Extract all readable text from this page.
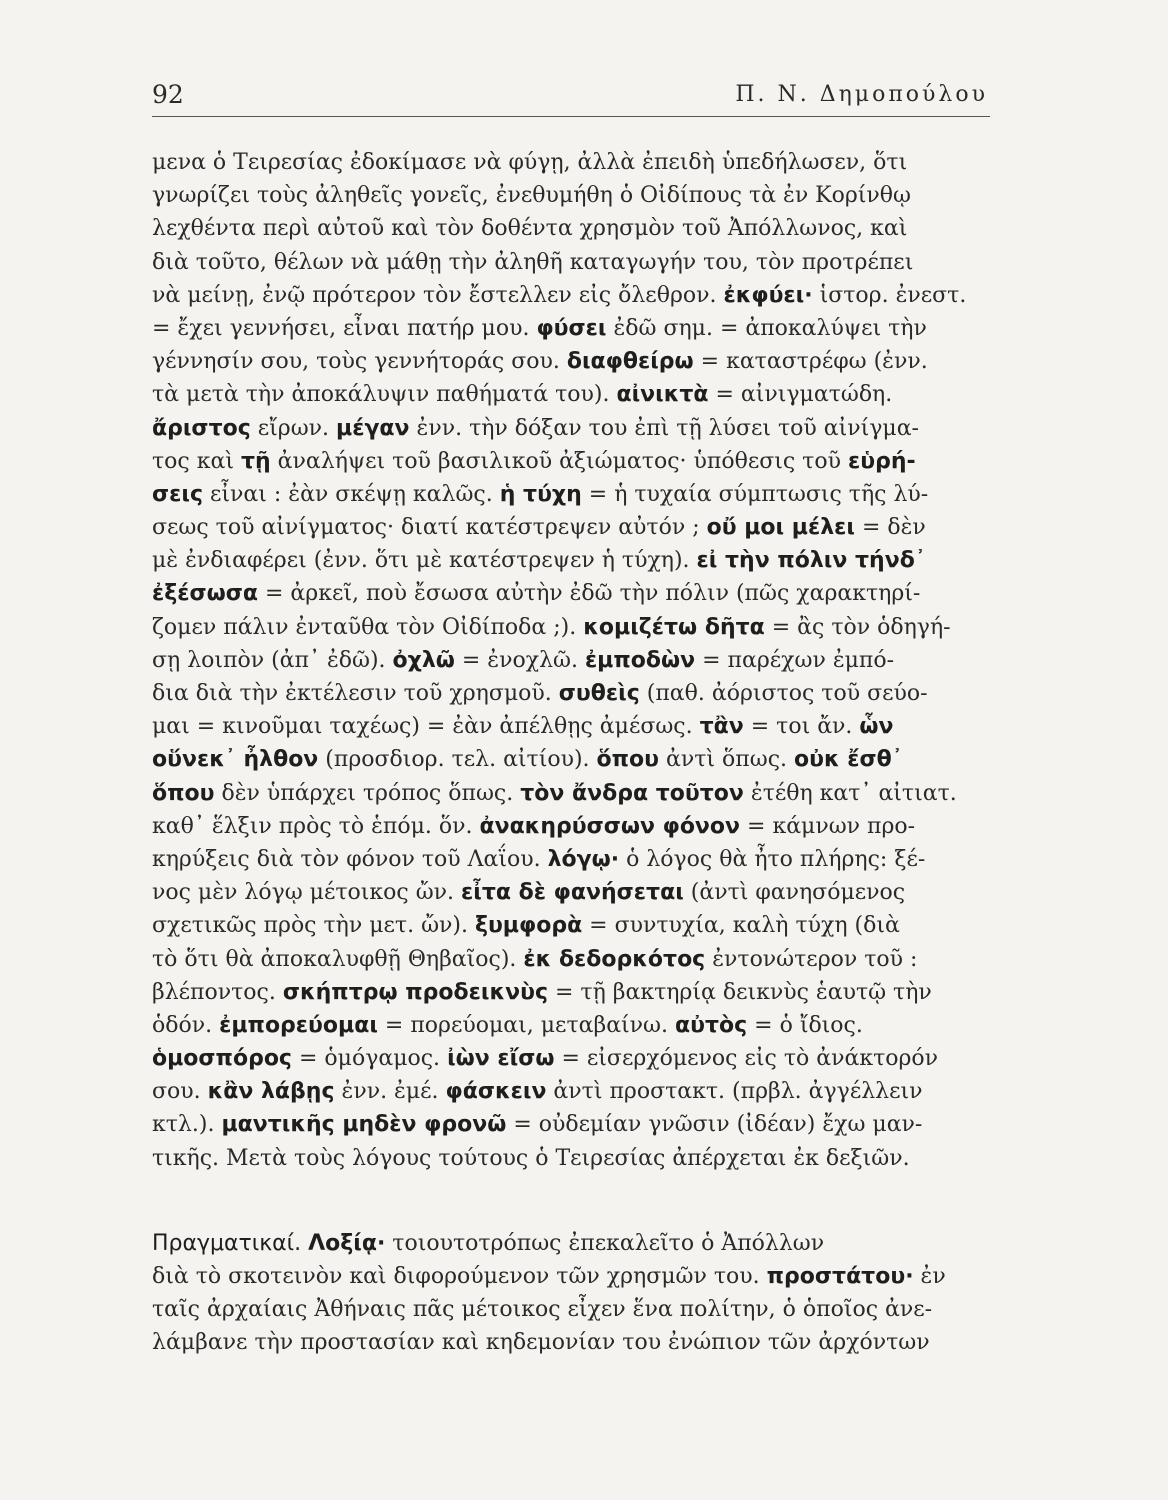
92	Π. Ν. Δημοπούλου
μενα ὁ Τειρεσίας ἐδοκίμασε νὰ φύγῃ, ἀλλὰ ἐπειδὴ ὑπεδήλωσεν, ὅτι
γνωρίζει τοὺς ἀληθεῖς γονεῖς, ἐνεθυμήθη ὁ Οἰδίπους τὰ ἐν Κορίνθῳ
λεχθέντα περὶ αὐτοῦ καὶ τὸν δοθέντα χρησμὸν τοῦ Ἀπόλλωνος, καὶ
διὰ τοῦτο, θέλων νὰ μάθῃ τὴν ἀληθῆ καταγωγήν του, τὸν προτρέπει
νὰ μείνῃ, ἐνῷ πρότερον τὸν ἔστελλεν εἰς ὄλεθρον. ἐκφύει· ἱστορ. ἐνεστ.
= ἔχει γεννήσει, εἶναι πατήρ μου. φύσει ἐδῶ σημ. = ἀποκαλύψει τὴν
γέννησίν σου, τοὺς γεννήτοράς σου. διαφθείρω = καταστρέφω (ἐνν.
τὰ μετὰ τὴν ἀποκάλυψιν παθήματά του). αἰνικτὰ = αἰνιγματώδη.
ἄριστος εἴρων. μέγαν ἐνν. τὴν δόξαν του ἐπὶ τῇ λύσει τοῦ αἰνίγμα-
τος καὶ τῇ ἀναλήψει τοῦ βασιλικοῦ ἀξιώματος· ὑπόθεσις τοῦ εὑρή-
σεις εἶναι : ἐὰν σκέψῃ καλῶς. ἡ τύχη = ἡ τυχαία σύμπτωσις τῆς λύ-
σεως τοῦ αἰνίγματος· διατί κατέστρεψεν αὐτόν ; οὔ μοι μέλει = δὲν
μὲ ἐνδιαφέρει (ἐνν. ὅτι μὲ κατέστρεψεν ἡ τύχη). εἰ τὴν πόλιν τήνδ᾽
ἐξέσωσα = ἀρκεῖ, ποὺ ἔσωσα αὐτὴν ἐδῶ τὴν πόλιν (πῶς χαρακτηρί-
ζομεν πάλιν ἐνταῦθα τὸν Οἰδίποδα ;). κομιζέτω δῆτα = ἂς τὸν ὁδηγή-
σῃ λοιπὸν (ἀπ᾽ ἐδῶ). ὀχλῶ = ἐνοχλῶ. ἐμποδὼν = παρέχων ἐμπό-
δια διὰ τὴν ἐκτέλεσιν τοῦ χρησμοῦ. συθεὶς (παθ. ἀόριστος τοῦ σεύο-
μαι = κινοῦμαι ταχέως) = ἐὰν ἀπέλθῃς ἀμέσως. τἂν = τοι ἄν. ὧν
οὕνεκ᾽ ἦλθον (προσδιορ. τελ. αἰτίου). ὅπου ἀντὶ ὅπως. οὐκ ἔσθ᾽
ὅπου δὲν ὑπάρχει τρόπος ὅπως. τὸν ἄνδρα τοῦτον ἐτέθη κατ᾽ αἰτιατ.
καθ᾽ ἕλξιν πρὸς τὸ ἑπόμ. ὅν. ἀνακηρύσσων φόνον = κάμνων προ-
κηρύξεις διὰ τὸν φόνον τοῦ Λαΐου. λόγῳ· ὁ λόγος θὰ ἦτο πλήρης: ξέ-
νος μὲν λόγῳ μέτοικος ὤν. εἶτα δὲ φανήσεται (ἀντὶ φανησόμενος
σχετικῶς πρὸς τὴν μετ. ὤν). ξυμφορὰ = συντυχία, καλὴ τύχη (διὰ
τὸ ὅτι θὰ ἀποκαλυφθῇ Θηβαῖος). ἐκ δεδορκότος ἐντονώτερον τοῦ :
βλέποντος. σκήπτρῳ προδεικνὺς = τῇ βακτηρίᾳ δεικνὺς ἑαυτῷ τὴν
ὁδόν. ἐμπορεύομαι = πορεύομαι, μεταβαίνω. αὐτὸς = ὁ ἴδιος.
ὁμοσπόρος = ὁμόγαμος. ἰὼν εἴσω = εἰσερχόμενος εἰς τὸ ἀνάκτορόν
σου. κἂν λάβῃς ἐνν. ἐμέ. φάσκειν ἀντὶ προστακτ. (πρβλ. ἀγγέλλειν
κτλ.). μαντικῆς μηδὲν φρονῶ = οὐδεμίαν γνῶσιν (ἰδέαν) ἔχω μαν-
τικῆς. Μετὰ τοὺς λόγους τούτους ὁ Τειρεσίας ἀπέρχεται ἐκ δεξιῶν.
Πραγματικαί. Λοξίᾳ· τοιουτοτρόπως ἐπεκαλεῖτο ὁ Ἀπόλλων
διὰ τὸ σκοτεινὸν καὶ διφορούμενον τῶν χρησμῶν του. προστάτου· ἐν
ταῖς ἀρχαίαις Ἀθήναις πᾶς μέτοικος εἶχεν ἕνα πολίτην, ὁ ὁποῖος ἀνε-
λάμβανε τὴν προστασίαν καὶ κηδεμονίαν του ἐνώπιον τῶν ἀρχόντων
